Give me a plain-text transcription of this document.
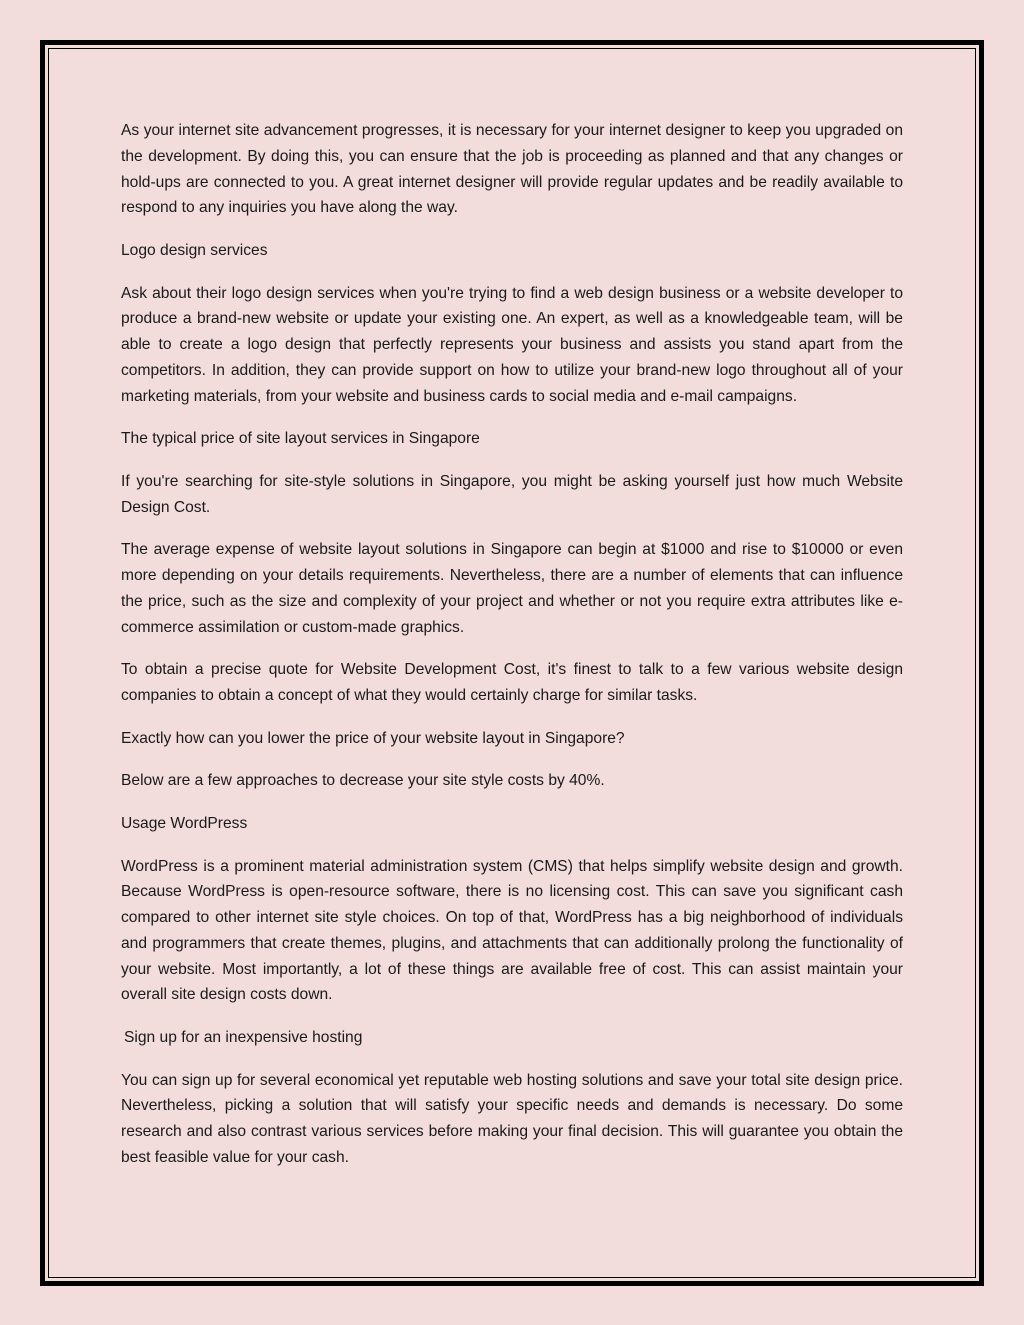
As your internet site advancement progresses, it is necessary for your internet designer to keep you upgraded on the development. By doing this, you can ensure that the job is proceeding as planned and that any changes or hold-ups are connected to you. A great internet designer will provide regular updates and be readily available to respond to any inquiries you have along the way.

Logo design services

Ask about their logo design services when you're trying to find a web design business or a website developer to produce a brand-new website or update your existing one. An expert, as well as a knowledgeable team, will be able to create a logo design that perfectly represents your business and assists you stand apart from the competitors. In addition, they can provide support on how to utilize your brand-new logo throughout all of your marketing materials, from your website and business cards to social media and e-mail campaigns.

The typical price of site layout services in Singapore

If you're searching for site-style solutions in Singapore, you might be asking yourself just how much Website Design Cost.

The average expense of website layout solutions in Singapore can begin at $1000 and rise to $10000 or even more depending on your details requirements. Nevertheless, there are a number of elements that can influence the price, such as the size and complexity of your project and whether or not you require extra attributes like e-commerce assimilation or custom-made graphics.

To obtain a precise quote for Website Development Cost, it's finest to talk to a few various website design companies to obtain a concept of what they would certainly charge for similar tasks.

Exactly how can you lower the price of your website layout in Singapore?

Below are a few approaches to decrease your site style costs by 40%.

Usage WordPress

WordPress is a prominent material administration system (CMS) that helps simplify website design and growth. Because WordPress is open-resource software, there is no licensing cost. This can save you significant cash compared to other internet site style choices. On top of that, WordPress has a big neighborhood of individuals and programmers that create themes, plugins, and attachments that can additionally prolong the functionality of your website. Most importantly, a lot of these things are available free of cost. This can assist maintain your overall site design costs down.

Sign up for an inexpensive hosting

You can sign up for several economical yet reputable web hosting solutions and save your total site design price. Nevertheless, picking a solution that will satisfy your specific needs and demands is necessary. Do some research and also contrast various services before making your final decision. This will guarantee you obtain the best feasible value for your cash.
